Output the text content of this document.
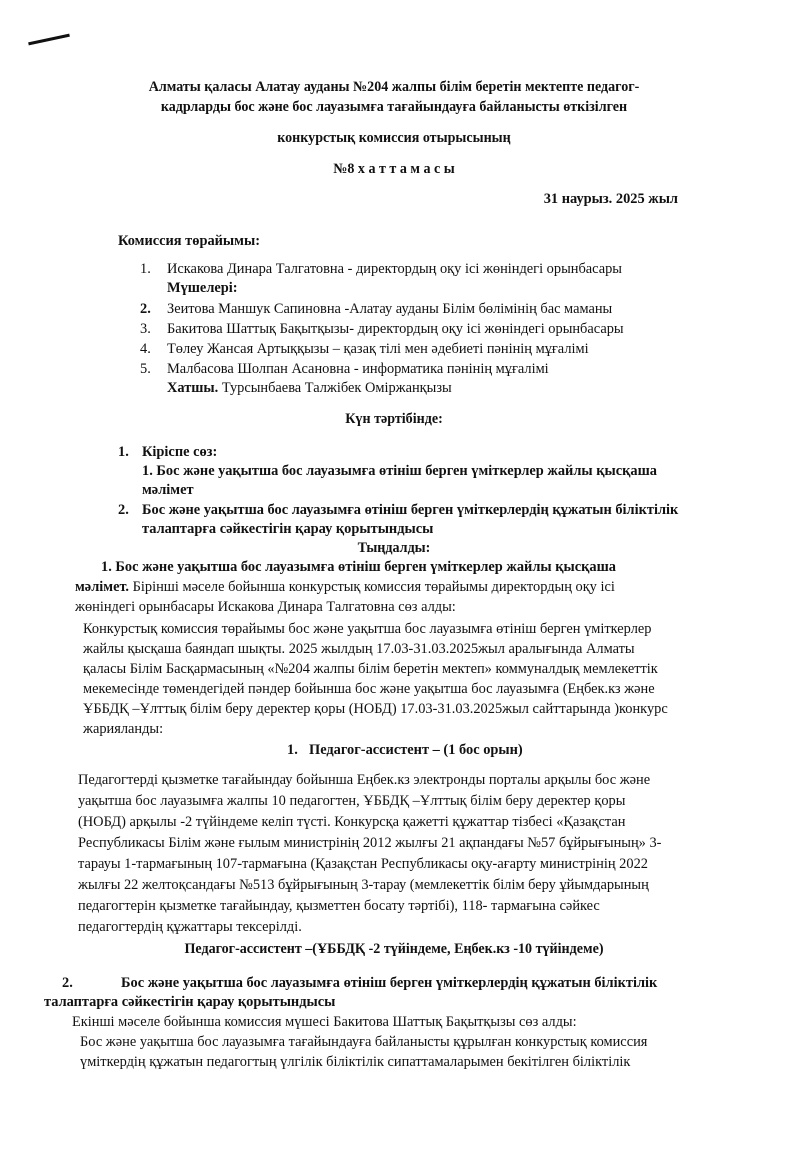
Алматы қаласы Алатау ауданы №204 жалпы білім беретін мектепте педагог-
кадрларды бос және бос лауазымға тағайындауға байланысты өткізілген
конкурстық комиссия отырысының
№8 х а т т а м а с ы
31 наурыз. 2025 жыл
Комиссия төрайымы:
1. Искакова Динара Талгатовна - директордың оқу ісі жөніндегі орынбасары
Мүшелері:
2. Зеитова Маншук Сапиновна -Алатау ауданы Білім бөлімінің бас маманы
3. Бакитова Шаттық Бақытқызы- директордың оқу ісі жөніндегі орынбасары
4. Төлеу Жансая Артыққызы – қазақ тілі мен әдебиеті пәнінің мұғалімі
5. Малбасова Шолпан Асановна - информатика пәнінің мұғалімі
Хатшы. Турсынбаева Талжібек Омiржанқызы
Күн тәртібінде:
1. Кіріспе сөз:
1. Бос және уақытша бос лауазымға өтініш берген үміткерлер жайлы қысқаша
мәлімет
2. Бос және уақытша бос лауазымға өтініш берген үміткерлердің құжатын біліктілік
талаптарға сәйкестігін қарау қорытындысы
Тыңдалды:
1. Бос және уақытша бос лауазымға өтініш берген үміткерлер жайлы қысқаша
мәлімет. Бірінші мәселе бойынша конкурстық комиссия төрайымы директордың оқу ісі
жөніндегі орынбасары Искакова Динара Талгатовна сөз алды:
Конкурстық комиссия төрайымы бос және уақытша бос лауазымға өтініш берген үміткерлер
жайлы қысқаша баяндап шықты. 2025 жылдың 17.03-31.03.2025жыл аралығында Алматы
қаласы Білім Басқармасының «№204 жалпы білім беретін мектеп» коммуналдық мемлекеттік
мекемесінде төмендегідей пәндер бойынша бос және уақытша бос лауазымға (Еңбек.кз және
ҰББДҚ –Ұлттық білім беру деректер қоры (НОБД) 17.03-31.03.2025жыл сайттарында )конкурс
жарияланды:
1. Педагог-ассистент – (1 бос орын)
Педагогтерді қызметке тағайындау бойынша Еңбек.кз электронды порталы арқылы бос және
уақытша бос лауазымға жалпы 10 педагогтен, ҰББДҚ –Ұлттық білім беру деректер қоры
(НОБД) арқылы -2 түйіндеме келіп түсті. Конкурсқа қажетті құжаттар тізбесі «Қазақстан
Республикасы Білім және ғылым министрінің 2012 жылғы 21 ақпандағы №57 бұйрығының» 3-
тарауы 1-тармағының 107-тармағына (Қазақстан Республикасы оқу-ағарту министрінің 2022
жылғы 22 желтоқсандағы №513 бұйрығының 3-тарау (мемлекеттік білім беру ұйымдарының
педагогтерін қызметке тағайындау, қызметтен босату тәртібі), 118- тармағына сәйкес
педагогтердің құжаттары тексерілді.
Педагог-ассистент –(ҰББДҚ -2 түйіндеме, Еңбек.кз -10 түйіндеме)
2.	Бос және уақытша бос лауазымға өтініш берген үміткерлердің құжатын біліктілік
талаптарға сәйкестігін қарау қорытындысы
Екінші мәселе бойынша комиссия мүшесі Бакитова Шаттық Бақытқызы сөз алды:
Бос және уақытша бос лауазымға тағайындауға байланысты құрылған конкурстық комиссия
үміткердің құжатын педагогтың үлгілік біліктілік сипаттамаларымен бекітілген біліктілік
